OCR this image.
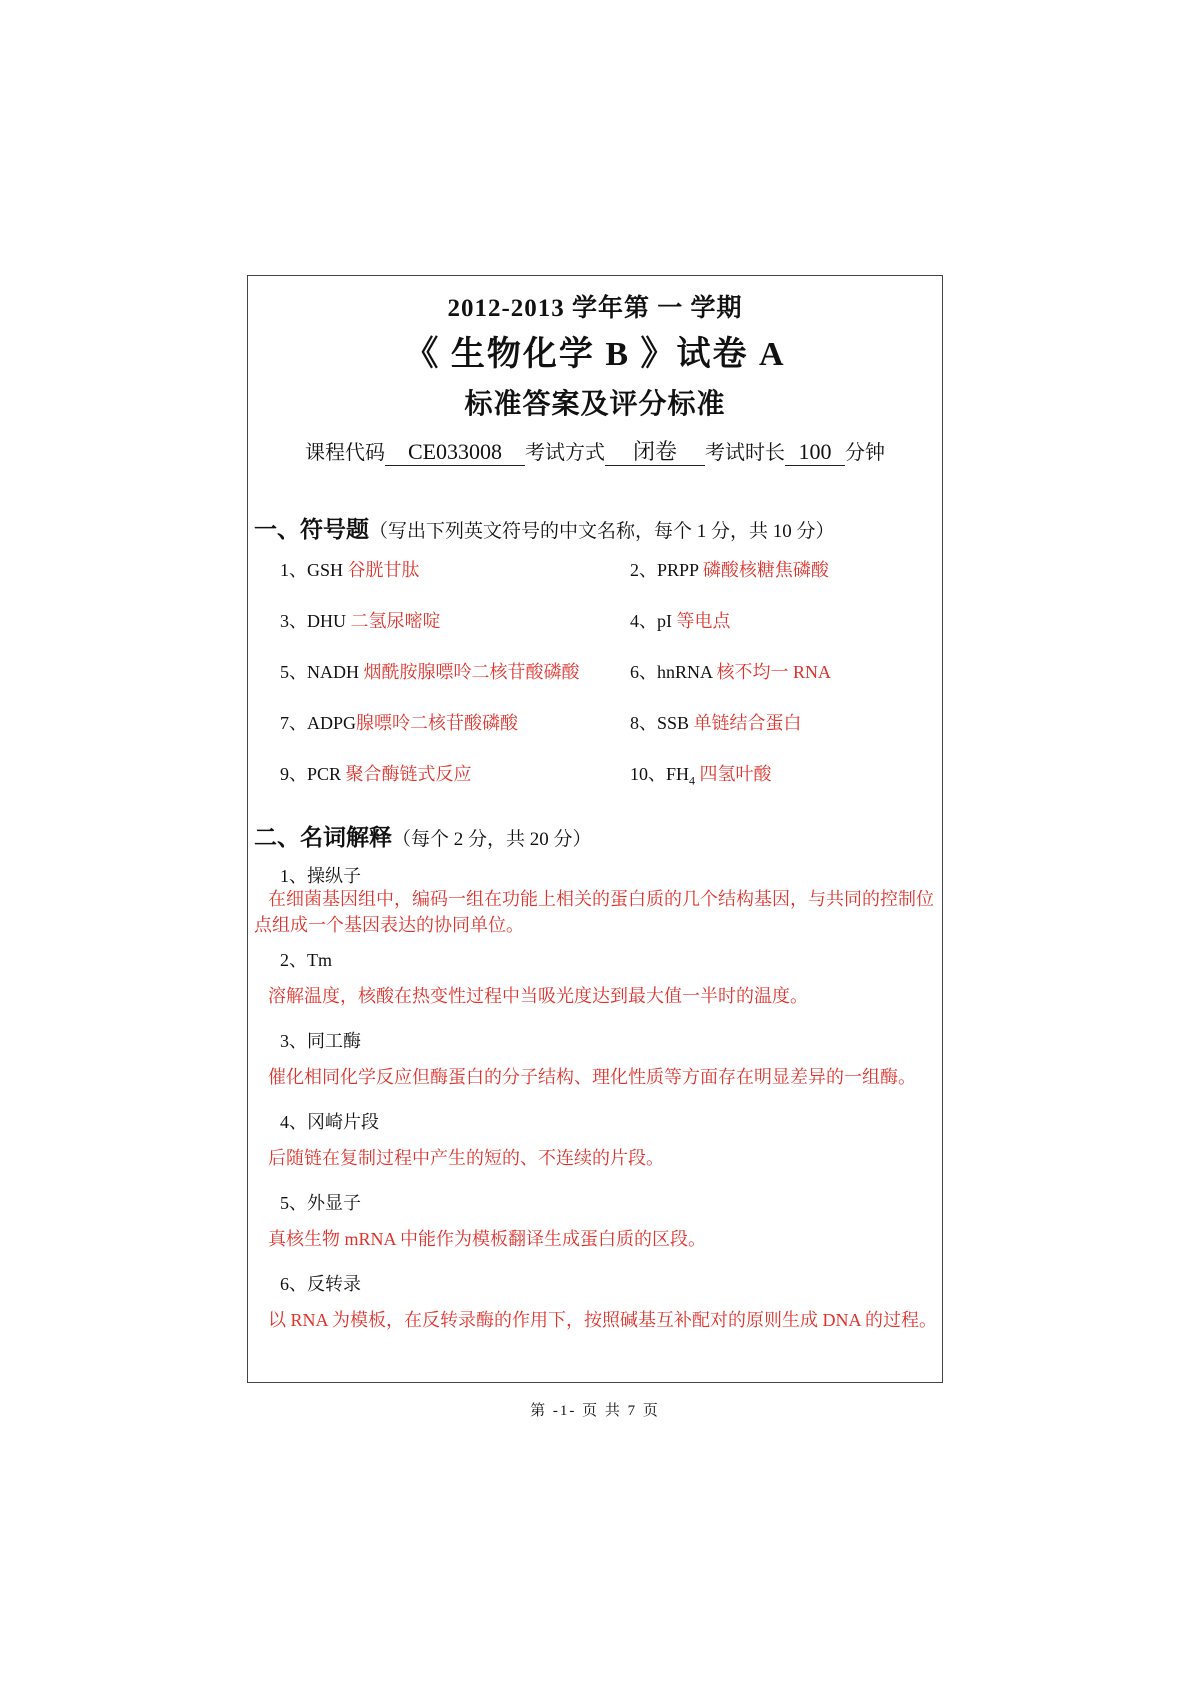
2012-2013 学年第 一 学期
《 生物化学 B 》试卷 A
标准答案及评分标准
课程代码 CE033008 考试方式 闭卷 考试时长 100 分钟
一、符号题（写出下列英文符号的中文名称，每个 1 分，共 10 分）
1、GSH 谷胱甘肽	2、PRPP 磷酸核糖焦磷酸
3、DHU 二氢尿嘧啶	4、pI 等电点
5、NADH 烟酰胺腺嘌呤二核苷酸磷酸	6、hnRNA 核不均一 RNA
7、ADPG腺嘌呤二核苷酸磷酸	8、SSB 单链结合蛋白
9、PCR 聚合酶链式反应	10、$FH_4$ 四氢叶酸
二、名词解释（每个 2 分，共 20 分）
1、操纵子
在细菌基因组中，编码一组在功能上相关的蛋白质的几个结构基因，与共同的控制位点组成一个基因表达的协同单位。
2、Tm
溶解温度，核酸在热变性过程中当吸光度达到最大值一半时的温度。
3、同工酶
催化相同化学反应但酶蛋白的分子结构、理化性质等方面存在明显差异的一组酶。
4、冈崎片段
后随链在复制过程中产生的短的、不连续的片段。
5、外显子
真核生物 mRNA 中能作为模板翻译生成蛋白质的区段。
6、反转录
以 RNA 为模板，在反转录酶的作用下，按照碱基互补配对的原则生成 DNA 的过程。
第 -1- 页 共 7 页
